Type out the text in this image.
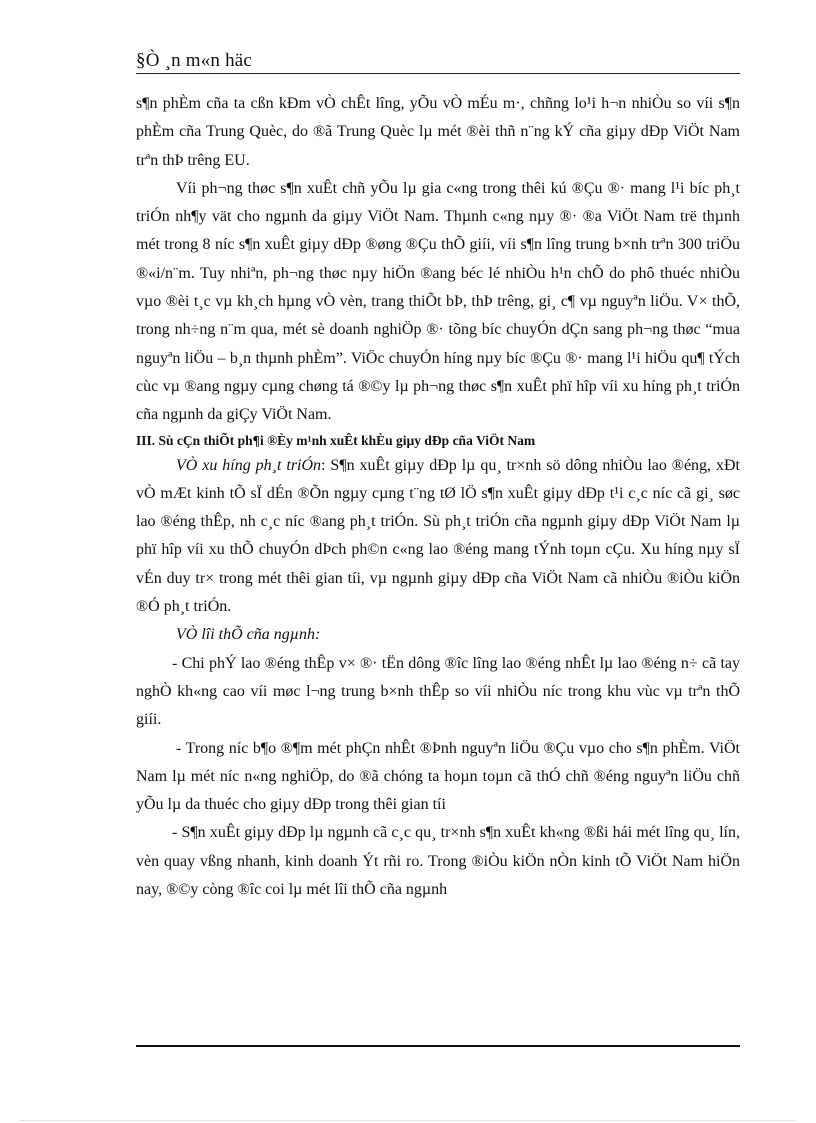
§Ò ¸n m«n häc

s¶n phÈm cña ta cßn kÐm vÒ chÊt lîng, yÕu vÒ mÉu m·, chñng lo¹i h¬n nhiÒu so víi s¶n phÈm cña Trung Quèc, do ®ã Trung Quèc lµ mét ®èi thñ n¨ng kÝ cña giµy dÐp ViÖt Nam trªn thÞ trêng EU.

Víi ph¬ng thøc s¶n xuÊt chñ yÕu lµ gia c«ng trong thêi kú ®Çu ®· mang l¹i bíc ph¸t triÓn nh¶y vät cho ngµnh da giµy ViÖt Nam. Thµnh c«ng nµy ®· ®a ViÖt Nam trë thµnh mét trong 8 níc s¶n xuÊt giµy dÐp ®øng ®Çu thÕ giíi, víi s¶n lîng trung b×nh trªn 300 triÖu ®«i/n¨m. Tuy nhiªn, ph¬ng thøc nµy hiÖn ®ang béc lé nhiÒu h¹n chÕ do phô thuéc nhiÒu vµo ®èi t¸c vµ kh¸ch hµng vÒ vèn, trang thiÕt bÞ, thÞ trêng, gi¸ c¶ vµ nguyªn liÖu. V× thÕ, trong nh÷ng n¨m qua, mét sè doanh nghiÖp ®· tõng bíc chuyÓn dÇn sang ph¬ng thøc “mua nguyªn liÖu – b¸n thµnh phÈm”. ViÖc chuyÓn híng nµy bíc ®Çu ®· mang l¹i hiÖu qu¶ tÝch cùc vµ ®ang ngµy cµng chøng tá ®©y lµ ph¬ng thøc s¶n xuÊt phï hîp víi xu híng ph¸t triÓn cña ngµnh da giÇy ViÖt Nam.

III. Sù cÇn thiÕt ph¶i ®Èy m¹nh xuÊt khÈu giµy dÐp cña ViÖt Nam

VÒ xu híng ph¸t triÓn: S¶n xuÊt giµy dÐp lµ qu¸ tr×nh sö dông nhiÒu lao ®éng, xÐt vÒ mÆt kinh tÕ sÏ dÉn ®Õn ngµy cµng t¨ng tØ lÖ s¶n xuÊt giµy dÐp t¹i c¸c níc cã gi¸ søc lao ®éng thÊp, nh c¸c níc ®ang ph¸t triÓn. Sù ph¸t triÓn cña ngµnh giµy dÐp ViÖt Nam lµ phï hîp víi xu thÕ chuyÓn dÞch ph©n c«ng lao ®éng mang tÝnh toµn cÇu. Xu híng nµy sÏ vÉn duy tr× trong mét thêi gian tíi, vµ ngµnh giµy dÐp cña ViÖt Nam cã nhiÒu ®iÒu kiÖn ®Ó ph¸t triÓn.

VÒ lîi thÕ cña ngµnh:

- Chi phÝ lao ®éng thÊp v× ®· tËn dông ®îc lîng lao ®éng nhÊt lµ lao ®éng n÷ cã tay nghÒ kh«ng cao víi møc l¬ng trung b×nh thÊp so víi nhiÒu níc trong khu vùc vµ trªn thÕ giíi.

- Trong níc b¶o ®¶m mét phÇn nhÊt ®Þnh nguyªn liÖu ®Çu vµo cho s¶n phÈm. ViÖt Nam lµ mét níc n«ng nghiÖp, do ®ã chóng ta hoµn toµn cã thÓ chñ ®éng nguyªn liÖu chñ yÕu lµ da thuéc cho giµy dÐp trong thêi gian tíi

- S¶n xuÊt giµy dÐp lµ ngµnh cã c¸c qu¸ tr×nh s¶n xuÊt kh«ng ®ßi hái mét lîng qu¸ lín, vèn quay vßng nhanh, kinh doanh Ýt rñi ro. Trong ®iÒu kiÖn nÒn kinh tÕ ViÖt Nam hiÖn nay, ®©y còng ®îc coi lµ mét lîi thÕ cña ngµnh
